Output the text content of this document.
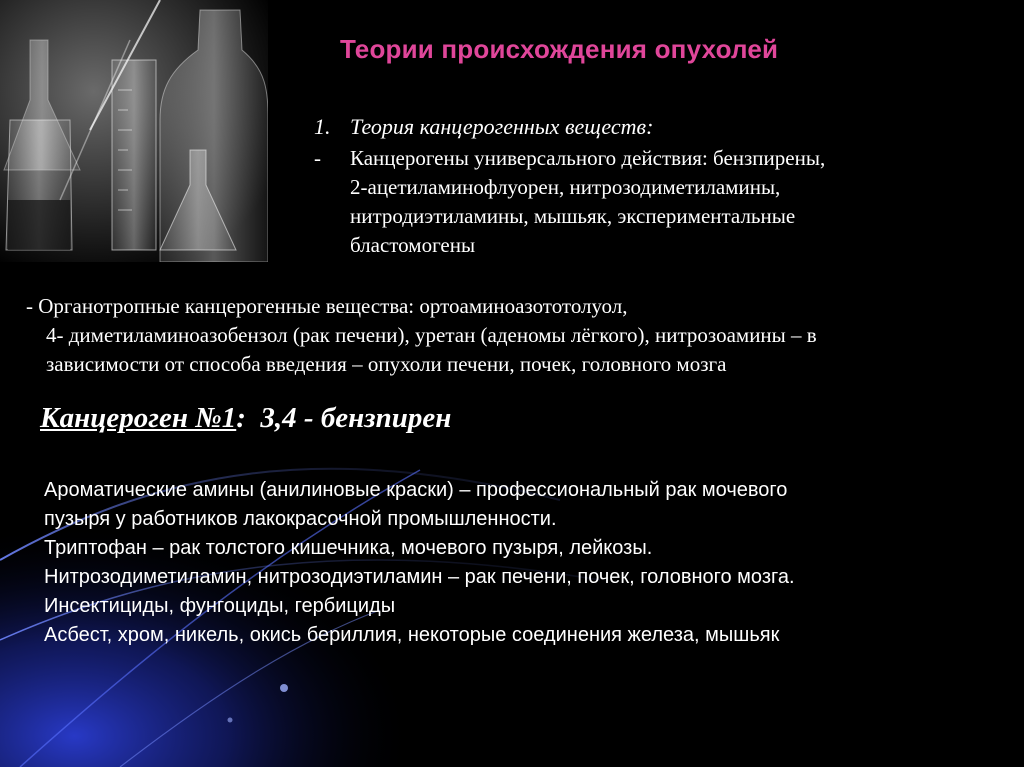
Теории происхождения опухолей
1. Теория канцерогенных веществ:
- Канцерогены универсального действия: бензпирены,
2-ацетиламинофлуорен, нитрозодиметиламины,
нитродиэтиламины, мышьяк, экспериментальные
бластомогены
- Органотропные канцерогенные вещества: ортоаминоазототолуол,
4- диметиламиноазобензол (рак печени), уретан (аденомы лёгкого), нитрозоамины – в
зависимости от способа введения – опухоли печени, почек, головного мозга
Канцероген №1:  3,4 - бензпирен
Ароматические амины (анилиновые краски) – профессиональный рак мочевого
пузыря у работников лакокрасочной промышленности.
Триптофан – рак толстого кишечника, мочевого пузыря, лейкозы.
Нитрозодиметиламин, нитрозодиэтиламин – рак печени, почек, головного мозга.
Инсектициды, фунгоциды, гербициды
Асбест, хром, никель, окись бериллия, некоторые соединения железа, мышьяк
